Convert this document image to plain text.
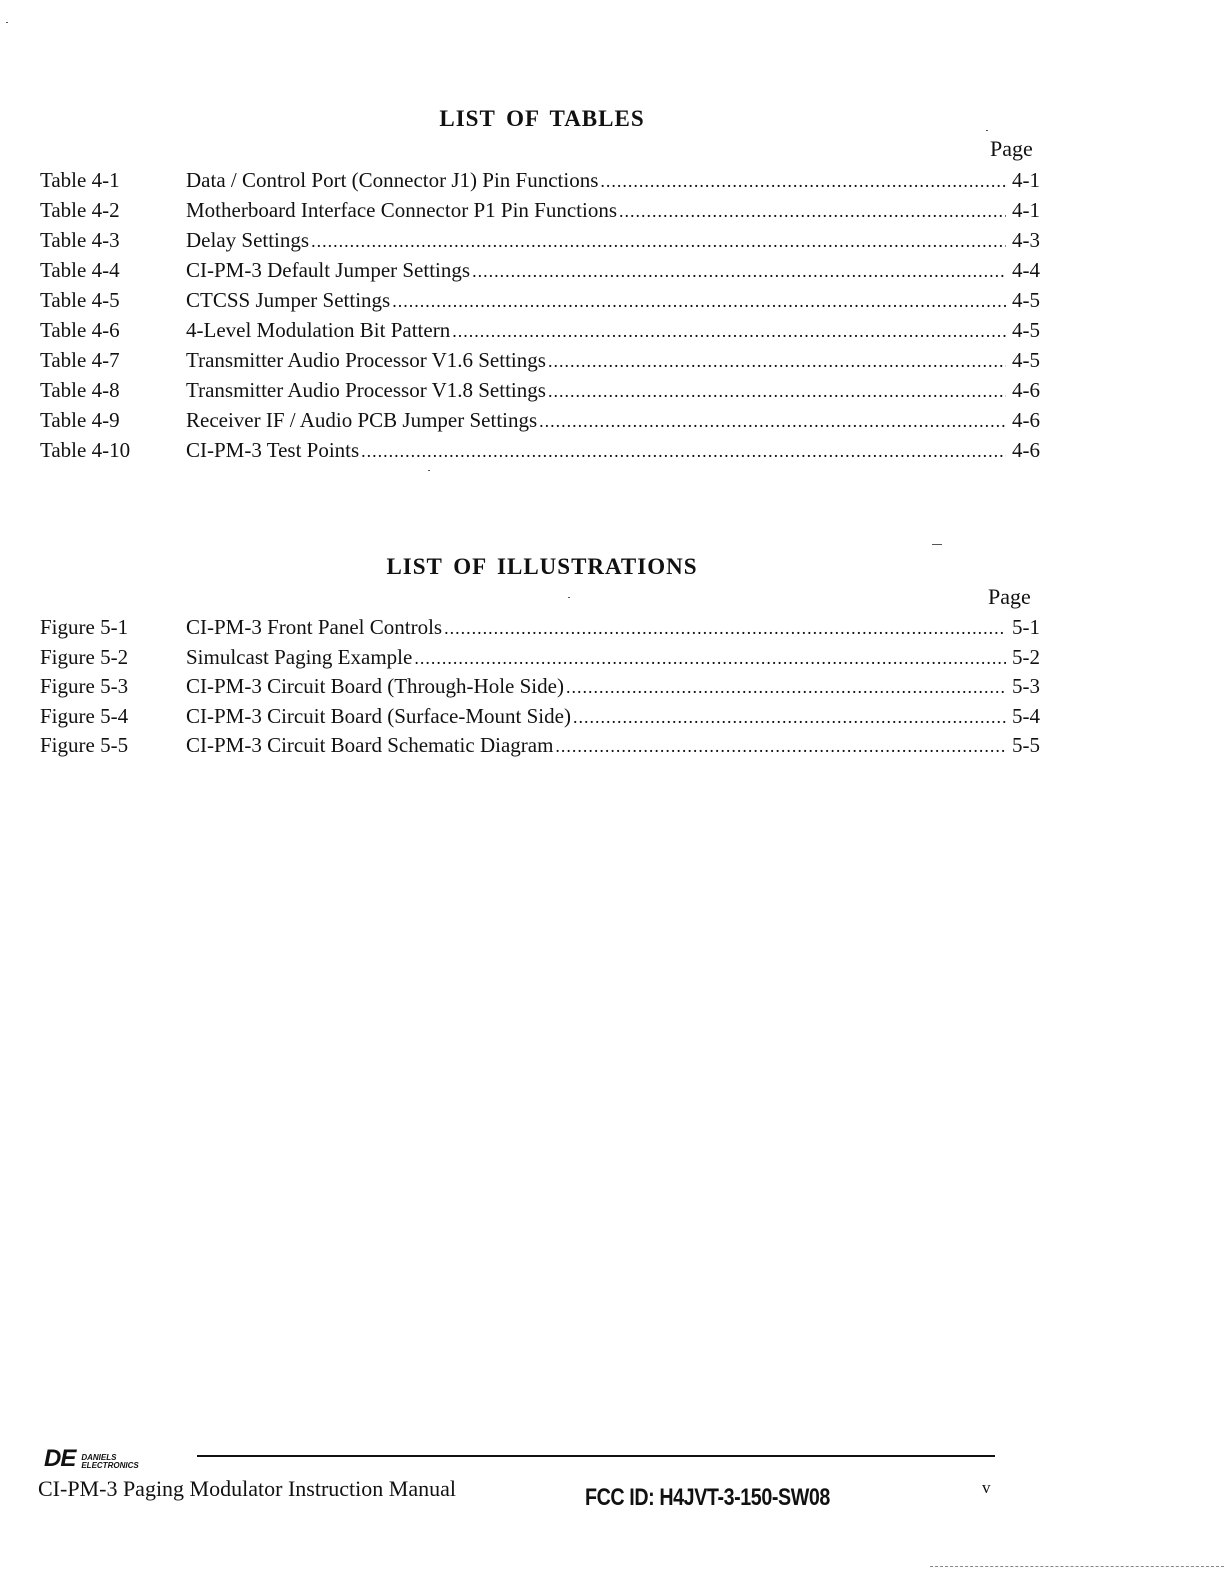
LIST OF TABLES
Page
Table 4-1	Data / Control Port (Connector J1) Pin Functions .....	4-1
Table 4-2	Motherboard Interface Connector P1 Pin Functions .....	4-1
Table 4-3	Delay Settings .....	4-3
Table 4-4	CI-PM-3 Default Jumper Settings .....	4-4
Table 4-5	CTCSS Jumper Settings .....	4-5
Table 4-6	4-Level Modulation Bit Pattern .....	4-5
Table 4-7	Transmitter Audio Processor V1.6 Settings .....	4-5
Table 4-8	Transmitter Audio Processor V1.8 Settings .....	4-6
Table 4-9	Receiver IF / Audio PCB Jumper Settings .....	4-6
Table 4-10	CI-PM-3 Test Points .....	4-6
LIST OF ILLUSTRATIONS
Page
Figure 5-1	CI-PM-3 Front Panel Controls .....	5-1
Figure 5-2	Simulcast Paging Example .....	5-2
Figure 5-3	CI-PM-3 Circuit Board (Through-Hole Side) .....	5-3
Figure 5-4	CI-PM-3 Circuit Board (Surface-Mount Side) .....	5-4
Figure 5-5	CI-PM-3 Circuit Board Schematic Diagram .....	5-5
DE DANIELS
ELECTRONICS
CI-PM-3 Paging Modulator Instruction Manual	FCC ID: H4JVT-3-150-SW08	v
